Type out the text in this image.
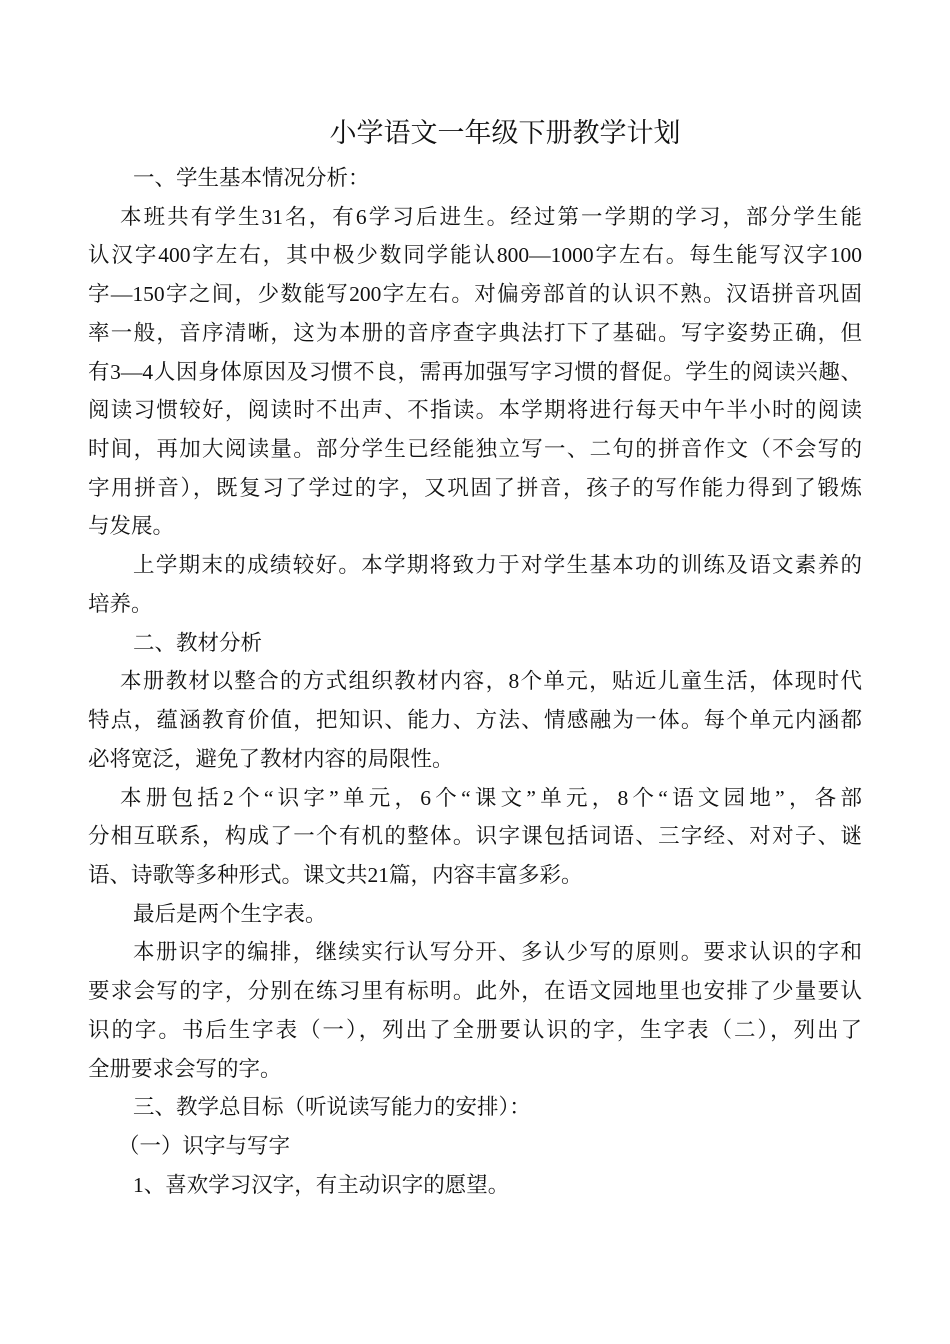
小学语文一年级下册教学计划
一、学生基本情况分析：
本班共有学生31名，有6学习后进生。经过第一学期的学习，部分学生能
认汉字400字左右，其中极少数同学能认800—1000字左右。每生能写汉字100
字—150字之间，少数能写200字左右。对偏旁部首的认识不熟。汉语拼音巩固
率一般，音序清晰，这为本册的音序查字典法打下了基础。写字姿势正确，但
有3—4人因身体原因及习惯不良，需再加强写字习惯的督促。学生的阅读兴趣、
阅读习惯较好，阅读时不出声、不指读。本学期将进行每天中午半小时的阅读
时间，再加大阅读量。部分学生已经能独立写一、二句的拼音作文（不会写的
字用拼音），既复习了学过的字，又巩固了拼音，孩子的写作能力得到了锻炼
与发展。
上学期末的成绩较好。本学期将致力于对学生基本功的训练及语文素养的
培养。
二、教材分析
本册教材以整合的方式组织教材内容，8个单元，贴近儿童生活，体现时代
特点，蕴涵教育价值，把知识、能力、方法、情感融为一体。每个单元内涵都
必将宽泛，避免了教材内容的局限性。
本册包括2个“识字”单元，6个“课文”单元，8个“语文园地”，各部
分相互联系，构成了一个有机的整体。识字课包括词语、三字经、对对子、谜
语、诗歌等多种形式。课文共21篇，内容丰富多彩。
最后是两个生字表。
本册识字的编排，继续实行认写分开、多认少写的原则。要求认识的字和
要求会写的字，分别在练习里有标明。此外，在语文园地里也安排了少量要认
识的字。书后生字表（一），列出了全册要认识的字，生字表（二），列出了
全册要求会写的字。
三、教学总目标（听说读写能力的安排）：
（一）识字与写字
1、喜欢学习汉字，有主动识字的愿望。
